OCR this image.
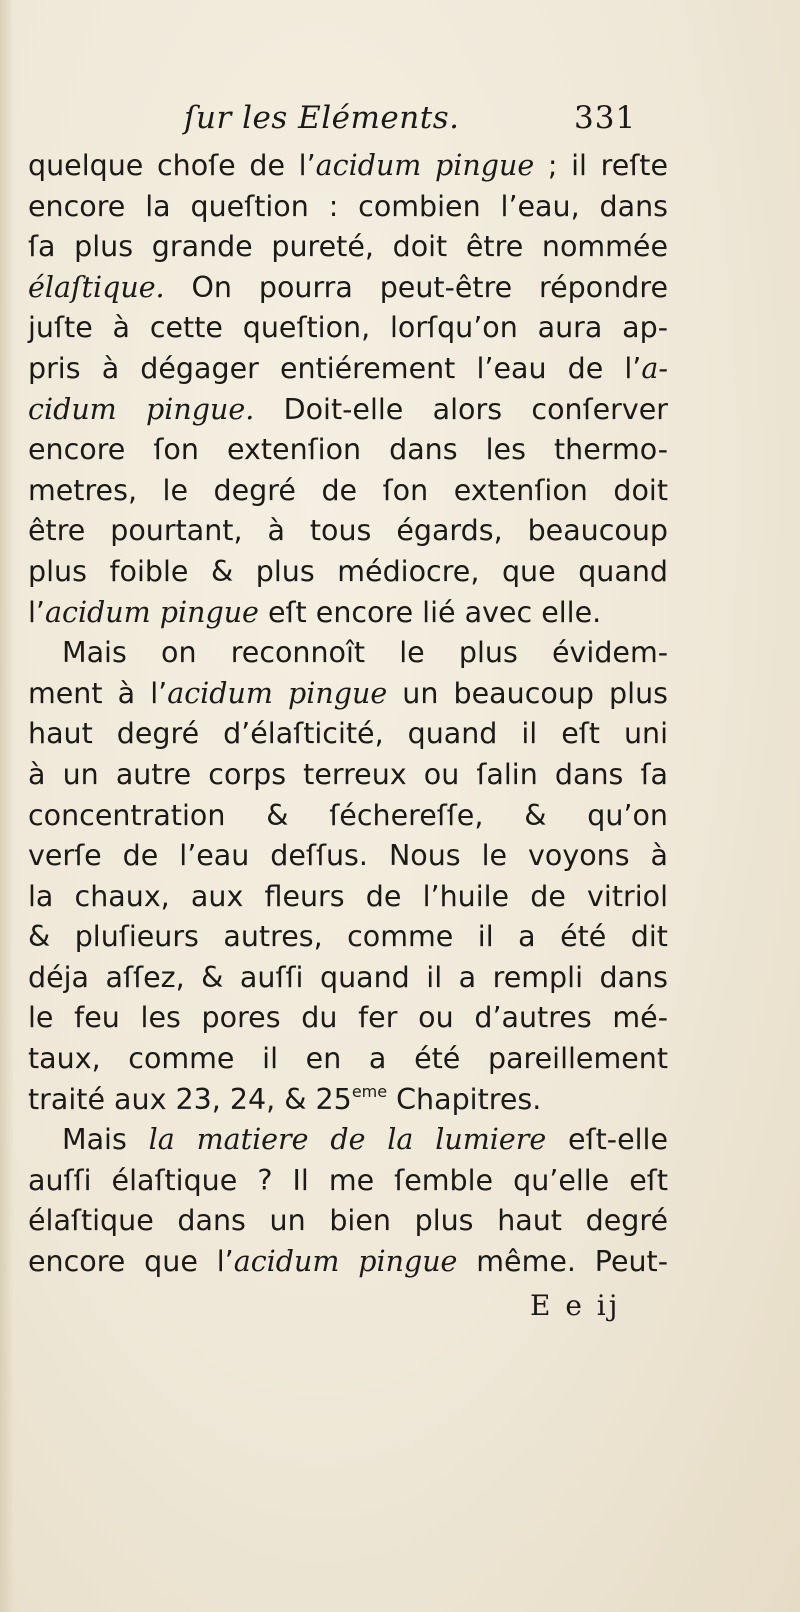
ſur les Eléments.	331
quelque choſe de l’acidum pingue ; il reſte
encore la queſtion : combien l’eau, dans
ſa plus grande pureté, doit être nommée
élaſtique. On pourra peut-être répondre
juſte à cette queſtion, lorſqu’on aura ap-
pris à dégager entiérement l’eau de l’a-
cidum pingue. Doit-elle alors conſerver
encore ſon extenſion dans les thermo-
metres, le degré de ſon extenſion doit
être pourtant, à tous égards, beaucoup
plus foible & plus médiocre, que quand
l’acidum pingue eſt encore lié avec elle.
Mais on reconnoît le plus évidem-
ment à l’acidum pingue un beaucoup plus
haut degré d’élaſticité, quand il eſt uni
à un autre corps terreux ou ſalin dans ſa
concentration & ſéchereſſe, & qu’on
verſe de l’eau deſſus. Nous le voyons à
la chaux, aux fleurs de l’huile de vitriol
& pluſieurs autres, comme il a été dit
déja aſſez, & auſſi quand il a rempli dans
le feu les pores du fer ou d’autres mé-
taux, comme il en a été pareillement
traité aux 23, 24, & 25eme Chapitres.
Mais la matiere de la lumiere eſt-elle
auſſi élaſtique ? Il me ſemble qu’elle eſt
élaſtique dans un bien plus haut degré
encore que l’acidum pingue même. Peut-
E e ij
